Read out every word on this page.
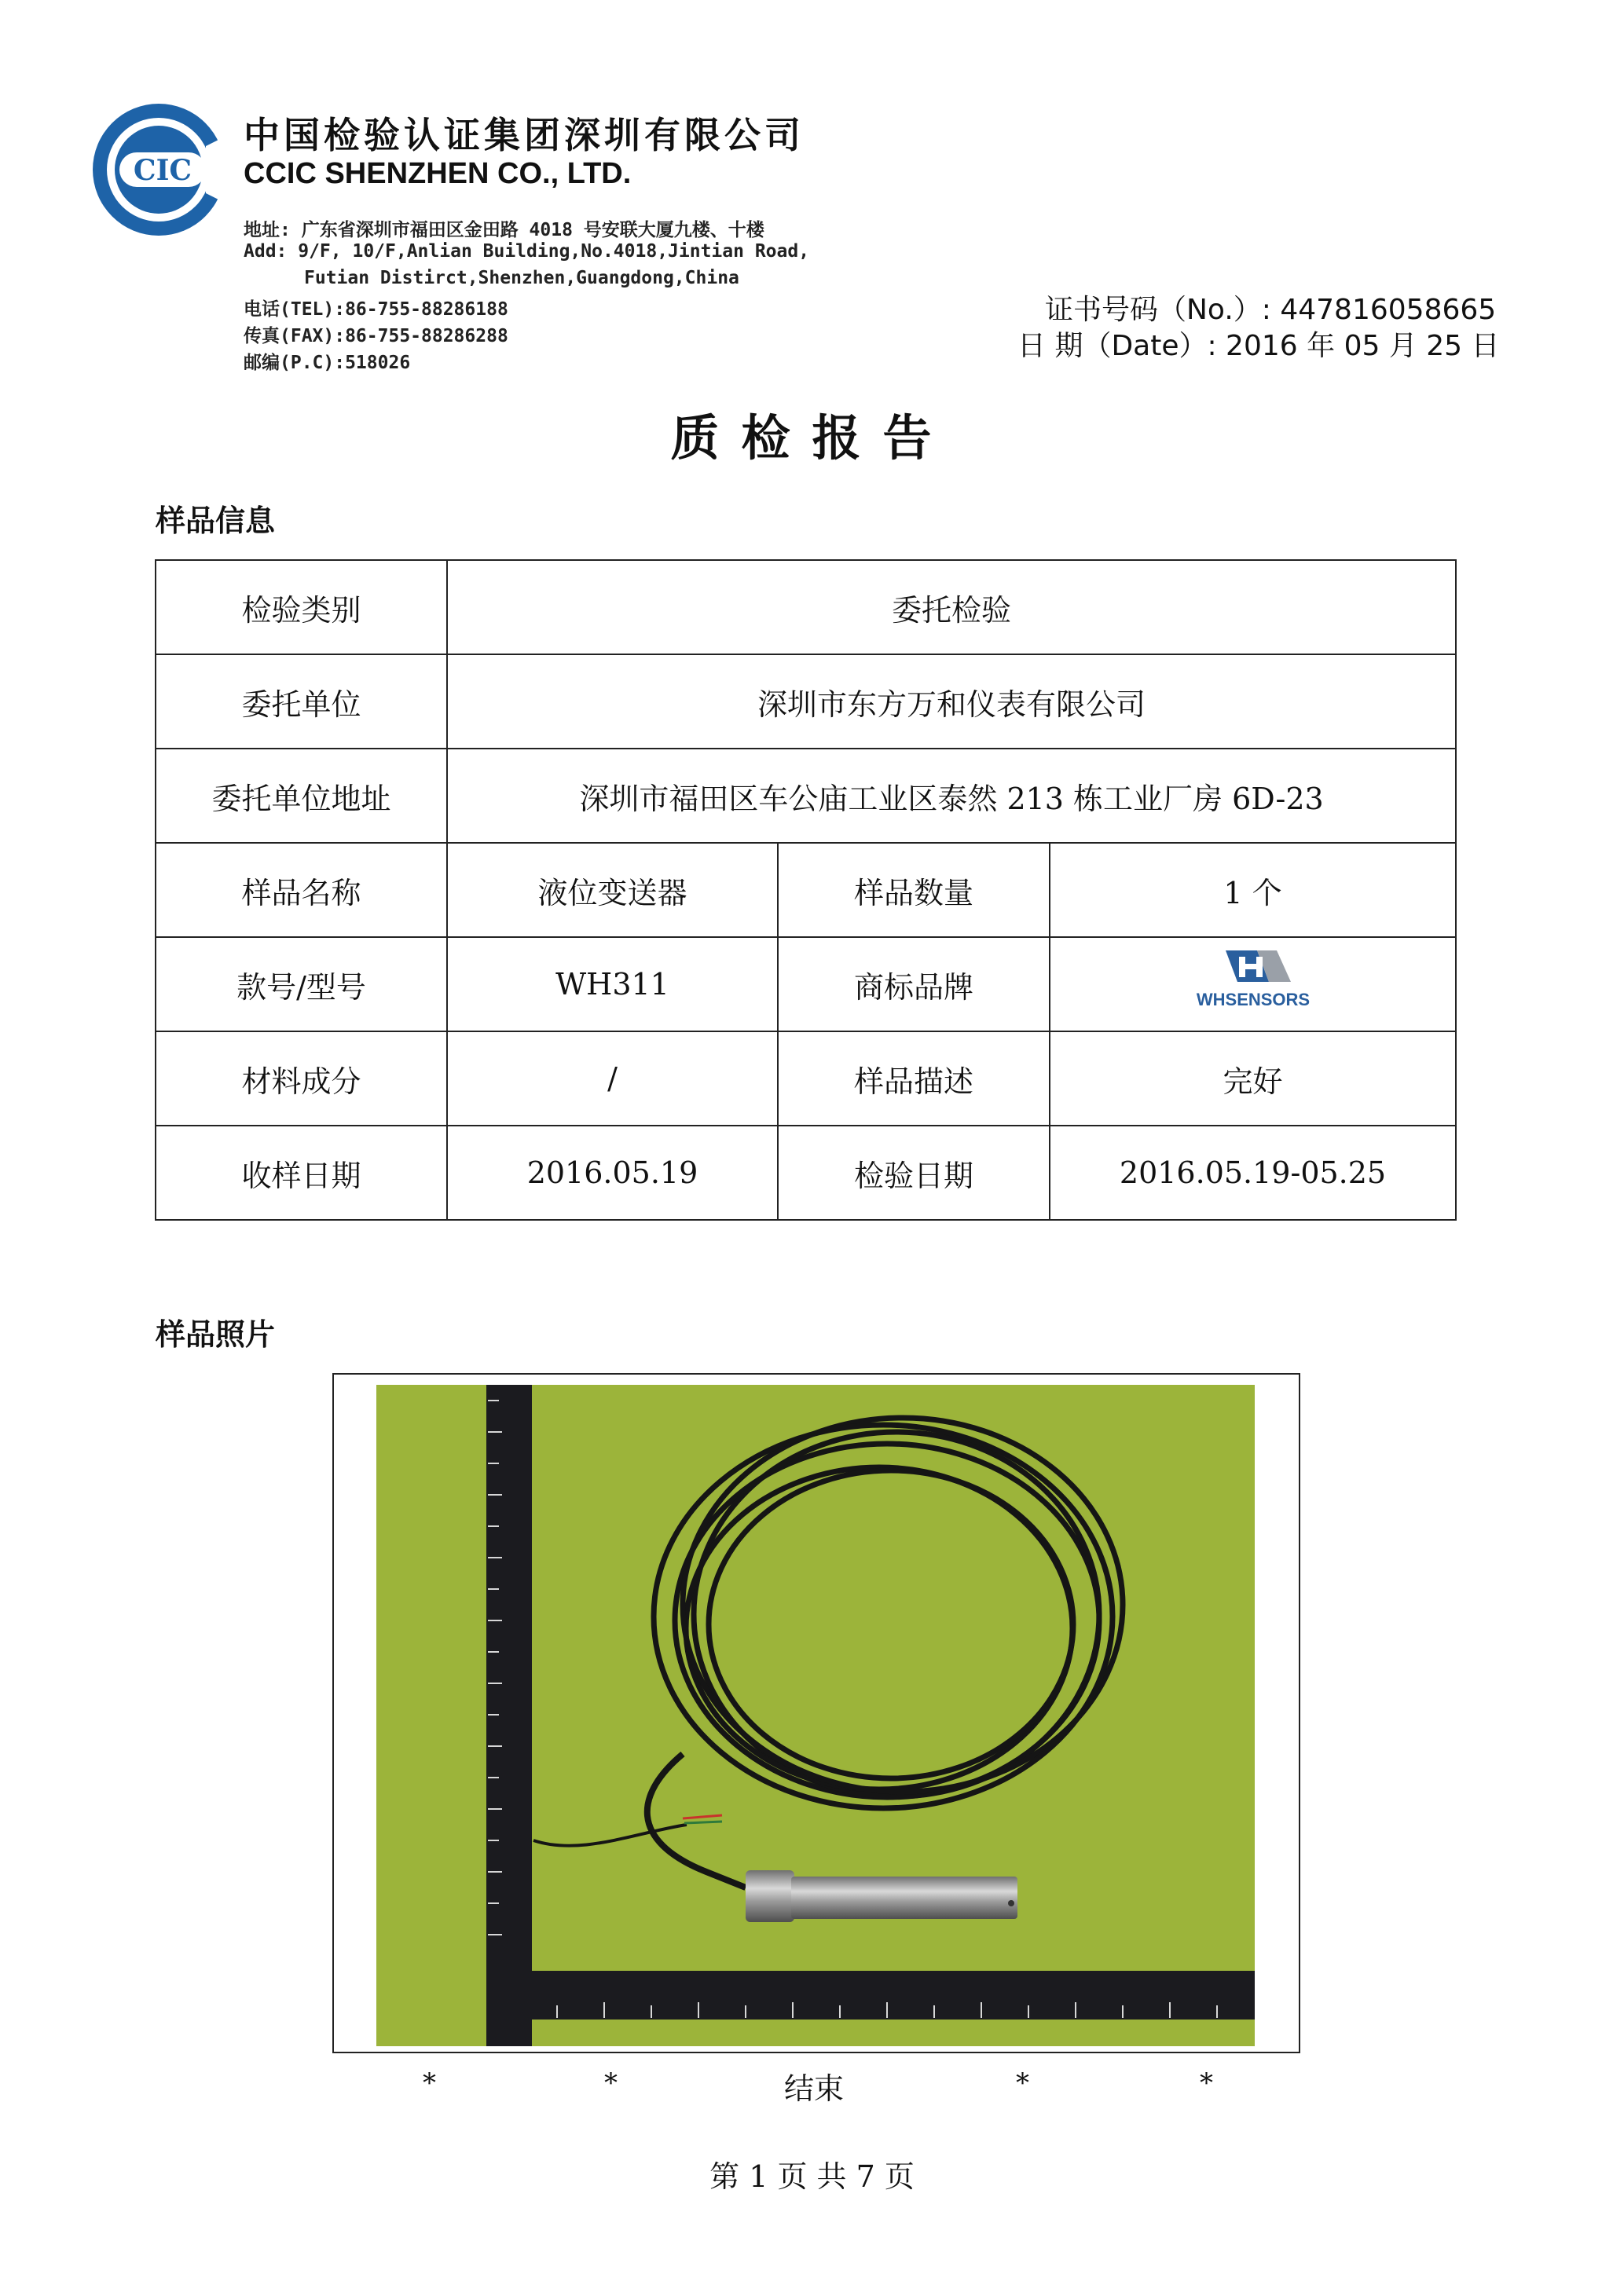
CIC
中国检验认证集团深圳有限公司
CCIC SHENZHEN CO., LTD.
地址: 广东省深圳市福田区金田路 4018 号安联大厦九楼、十楼
Add: 9/F, 10/F,Anlian Building,No.4018,Jintian Road,
Futian Distirct,Shenzhen,Guangdong,China
电话(TEL):86-755-88286188
传真(FAX):86-755-88286288
邮编(P.C):518026
证书号码（No.）: 447816058665
日 期（Date）: 2016 年 05 月 25 日
质检报告
样品信息
检验类别	委托检验		
委托单位	深圳市东方万和仪表有限公司		
委托单位地址	深圳市福田区车公庙工业区泰然 213 栋工业厂房 6D-23		
样品名称	液位变送器	样品数量	1 个
款号/型号	WH311	商标品牌	WHSENSORS

材料成分	/	样品描述	完好
收样日期	2016.05.19	检验日期	2016.05.19-05.25
样品照片
*	*	结束	*	*
第 1 页 共 7 页
